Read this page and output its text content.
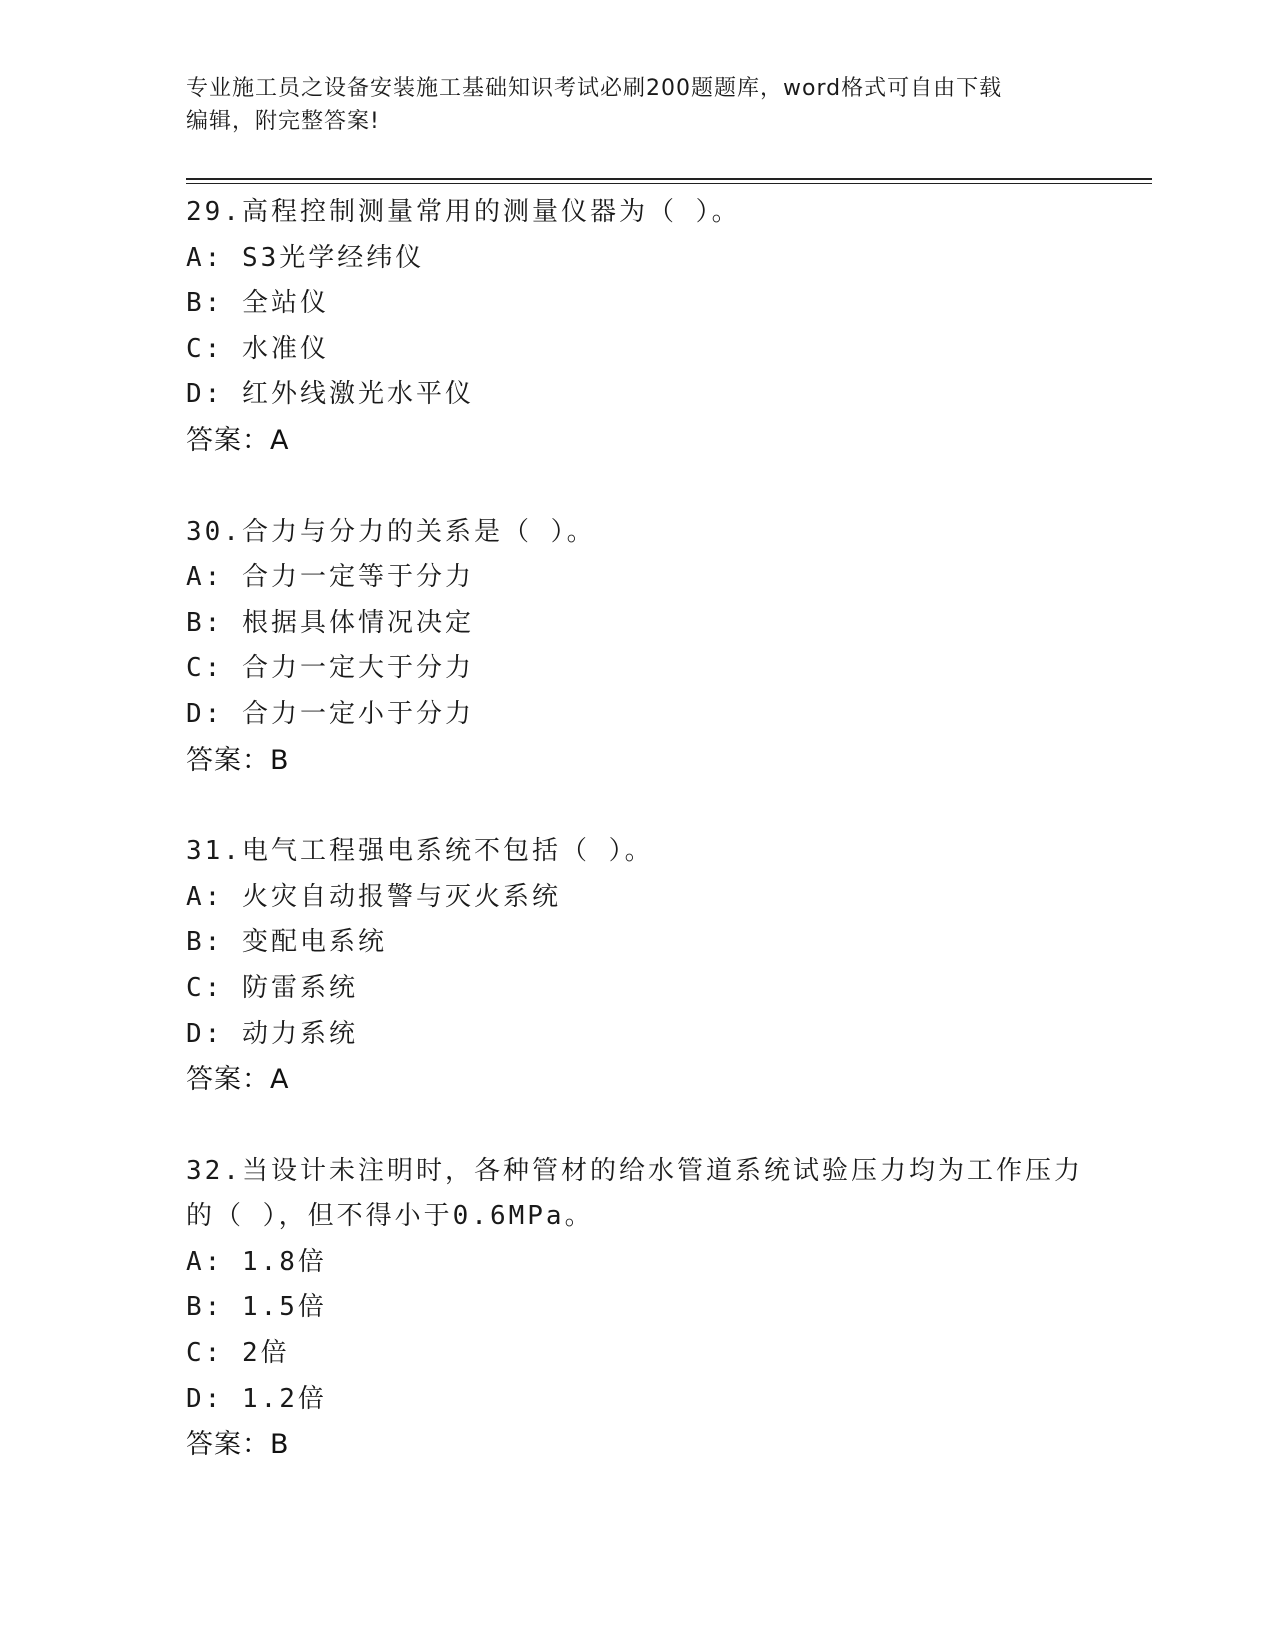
专业施工员之设备安装施工基础知识考试必刷200题题库，word格式可自由下载
编辑，附完整答案!
29.高程控制测量常用的测量仪器为（ ）。
A: S3光学经纬仪
B: 全站仪
C: 水准仪
D: 红外线激光水平仪
答案：A
30.合力与分力的关系是（ ）。
A: 合力一定等于分力
B: 根据具体情况决定
C: 合力一定大于分力
D: 合力一定小于分力
答案：B
31.电气工程强电系统不包括（ ）。
A: 火灾自动报警与灭火系统
B: 变配电系统
C: 防雷系统
D: 动力系统
答案：A
32.当设计未注明时，各种管材的给水管道系统试验压力均为工作压力
的（ ），但不得小于0.6MPa。
A: 1.8倍
B: 1.5倍
C: 2倍
D: 1.2倍
答案：B
